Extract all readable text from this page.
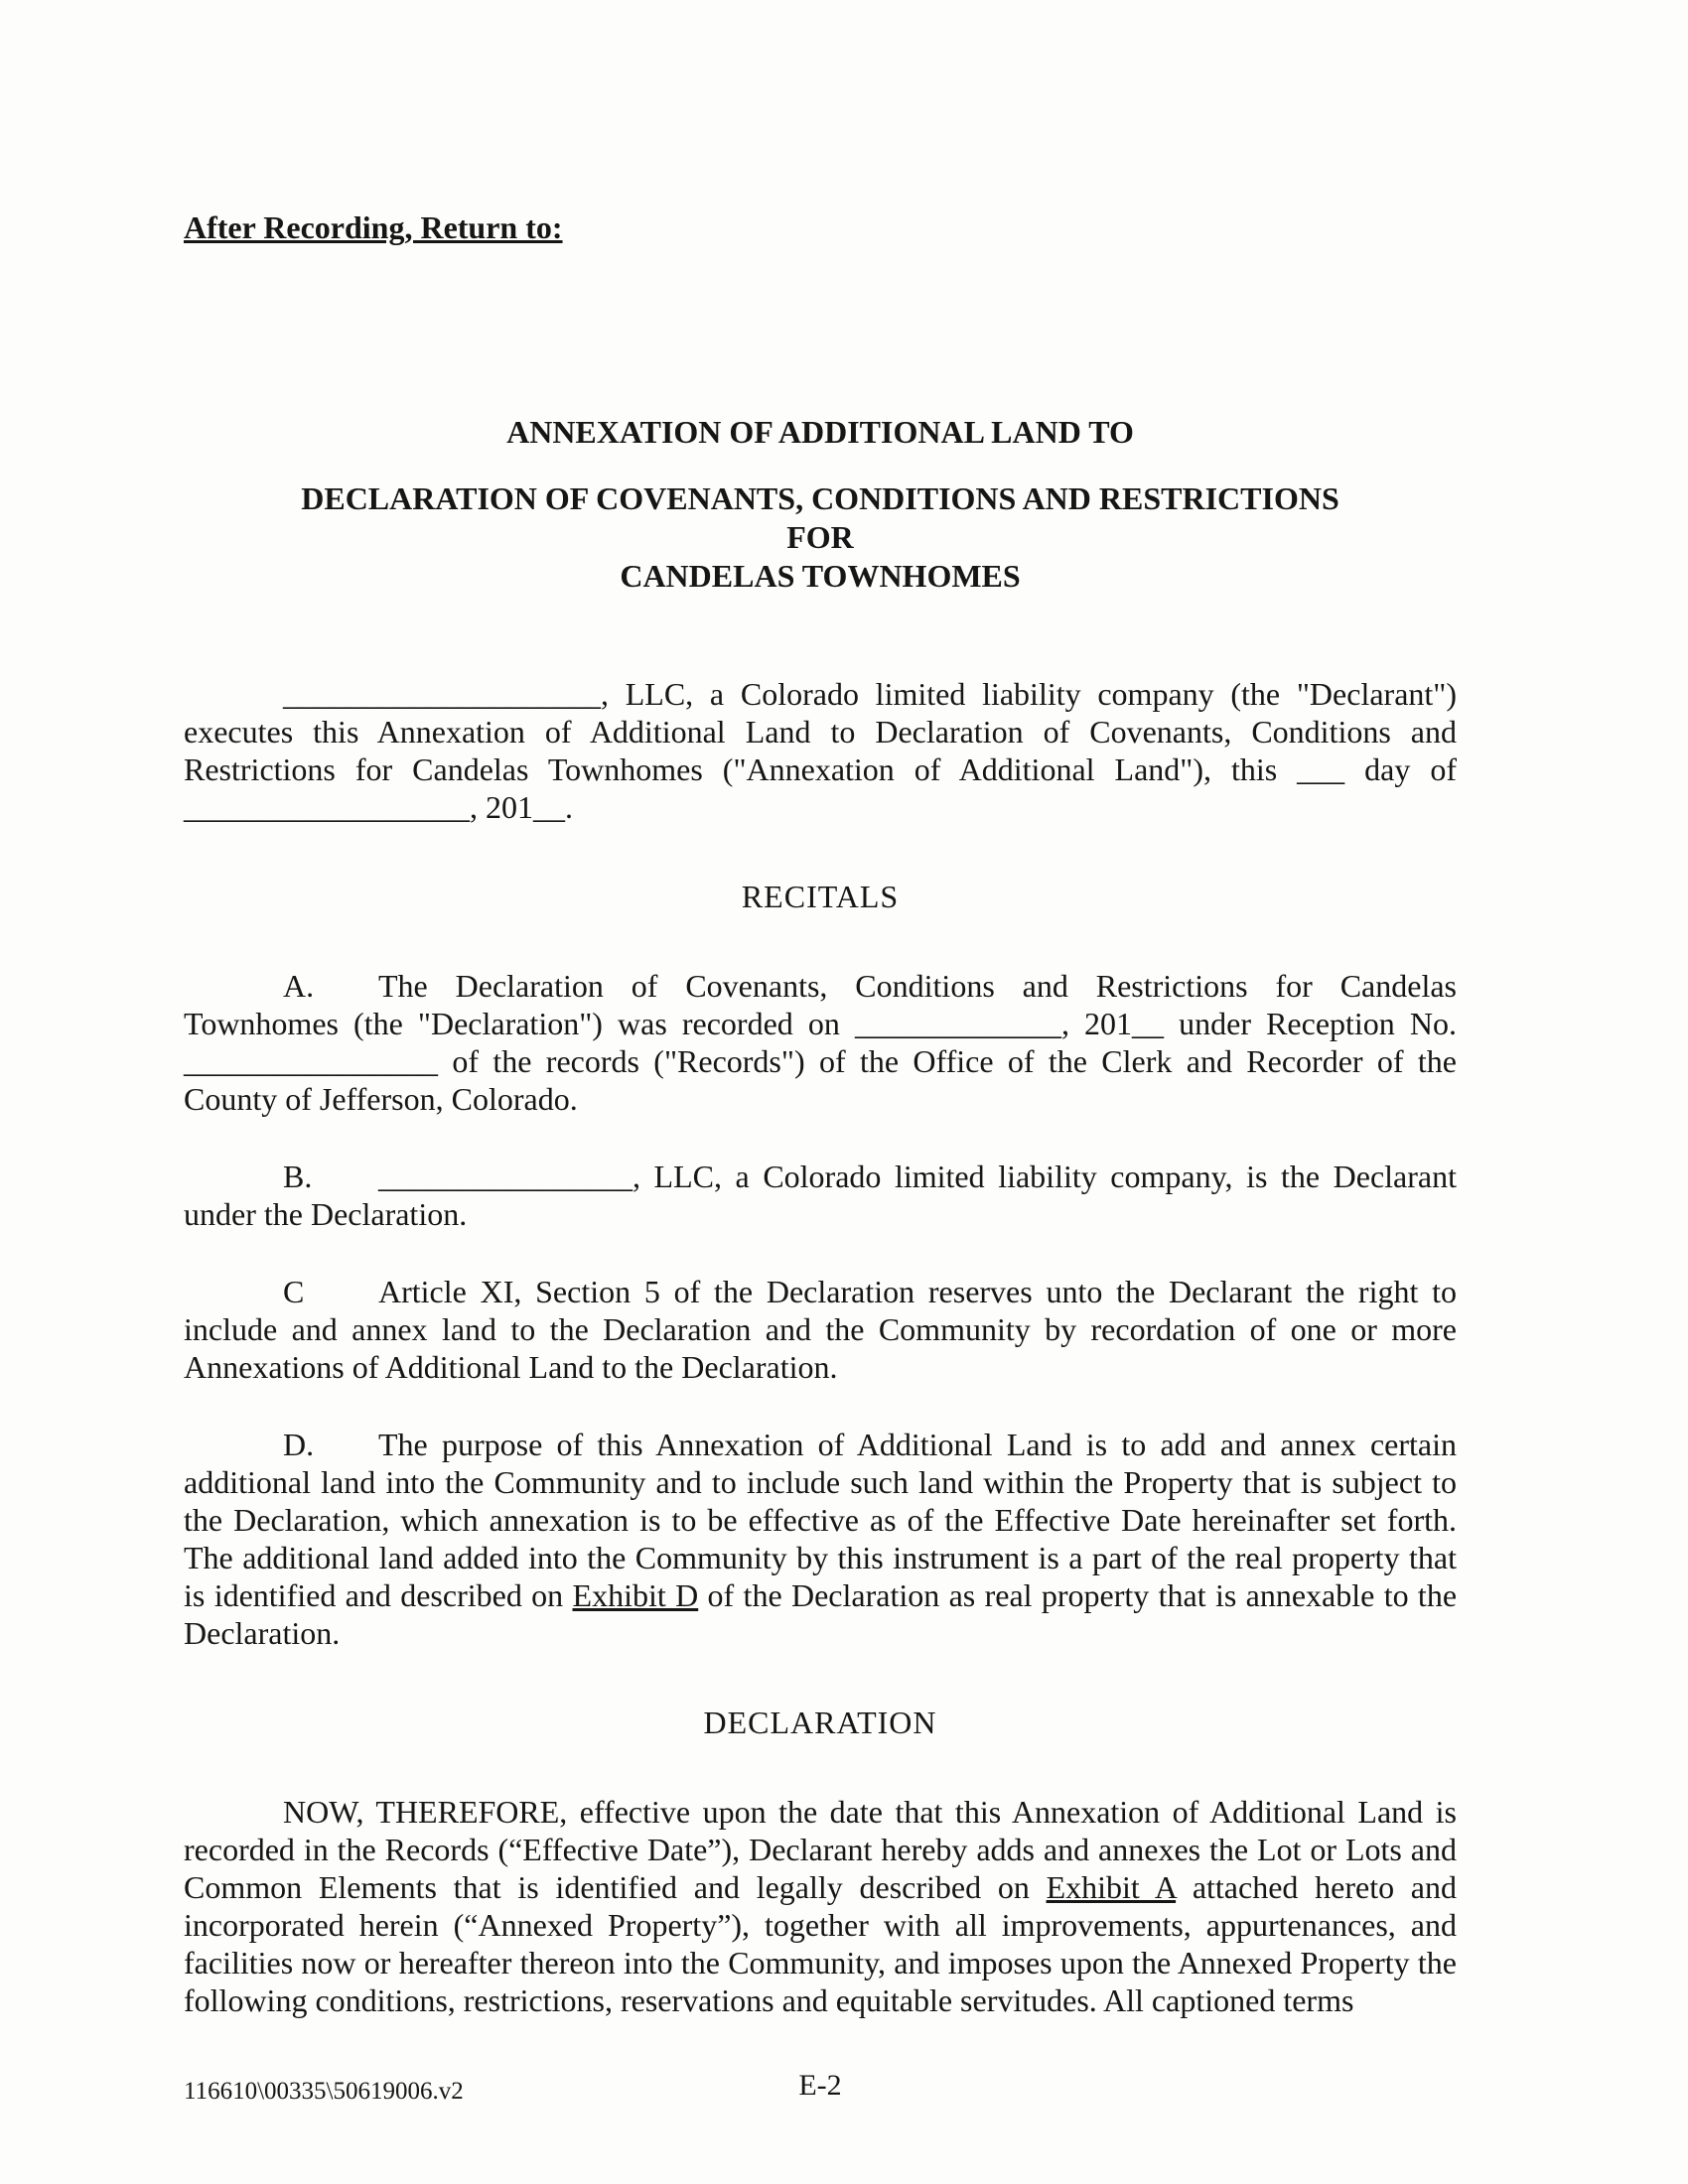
After Recording, Return to:
ANNEXATION OF ADDITIONAL LAND TO
DECLARATION OF COVENANTS, CONDITIONS AND RESTRICTIONS
FOR
CANDELAS TOWNHOMES

____________________, LLC, a Colorado limited liability company (the "Declarant") executes this Annexation of Additional Land to Declaration of Covenants, Conditions and Restrictions for Candelas Townhomes ("Annexation of Additional Land"), this ___ day of __________________, 201__.

RECITALS

A. The Declaration of Covenants, Conditions and Restrictions for Candelas Townhomes (the "Declaration") was recorded on _____________, 201__ under Reception No. ________________ of the records ("Records") of the Office of the Clerk and Recorder of the County of Jefferson, Colorado.

B. ________________, LLC, a Colorado limited liability company, is the Declarant under the Declaration.

C Article XI, Section 5 of the Declaration reserves unto the Declarant the right to include and annex land to the Declaration and the Community by recordation of one or more Annexations of Additional Land to the Declaration.

D. The purpose of this Annexation of Additional Land is to add and annex certain additional land into the Community and to include such land within the Property that is subject to the Declaration, which annexation is to be effective as of the Effective Date hereinafter set forth. The additional land added into the Community by this instrument is a part of the real property that is identified and described on Exhibit D of the Declaration as real property that is annexable to the Declaration.

DECLARATION

NOW, THEREFORE, effective upon the date that this Annexation of Additional Land is recorded in the Records (“Effective Date”), Declarant hereby adds and annexes the Lot or Lots and Common Elements that is identified and legally described on Exhibit A attached hereto and incorporated herein (“Annexed Property”), together with all improvements, appurtenances, and facilities now or hereafter thereon into the Community, and imposes upon the Annexed Property the following conditions, restrictions, reservations and equitable servitudes. All captioned terms

116610\00335\50619006.v2	E-2
